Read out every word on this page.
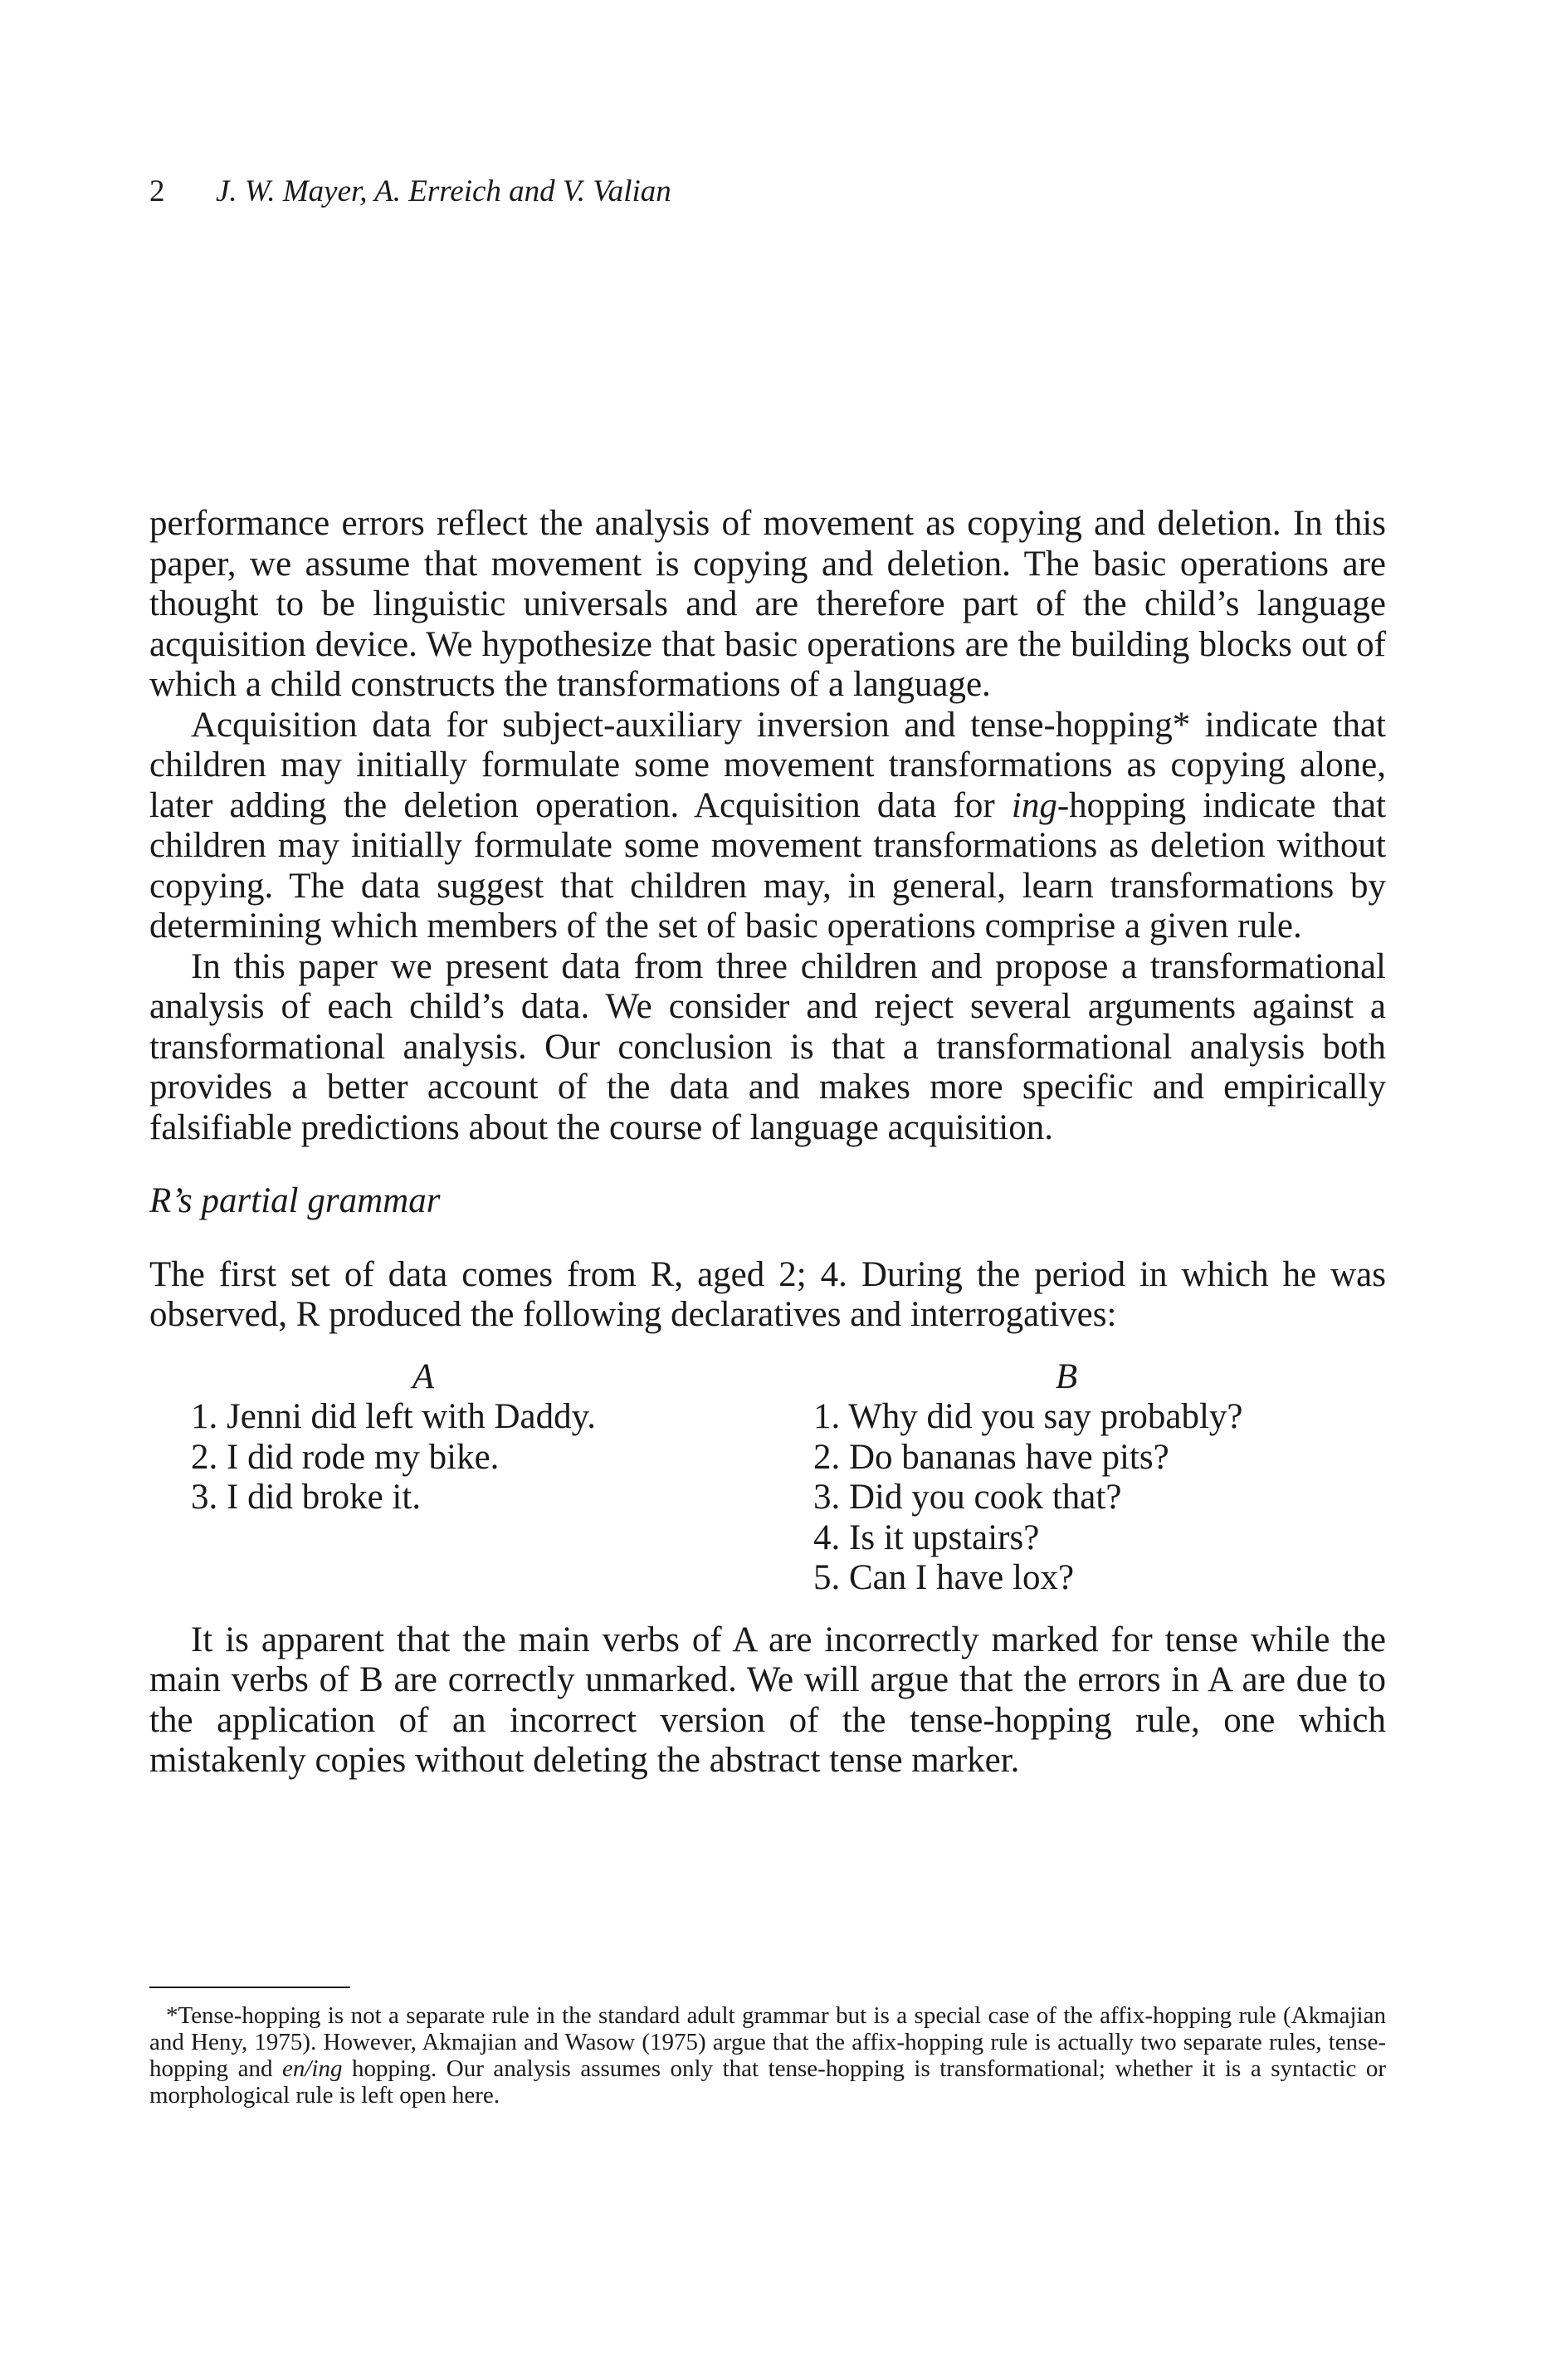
2 J. W. Mayer, A. Erreich and V. Valian

performance errors reflect the analysis of movement as copying and deletion. In this paper, we assume that movement is copying and deletion. The basic operations are thought to be linguistic universals and are therefore part of the child’s language acquisition device. We hypothesize that basic operations are the building blocks out of which a child constructs the transformations of a language.

Acquisition data for subject-auxiliary inversion and tense-hopping* indicate that children may initially formulate some movement transformations as copying alone, later adding the deletion operation. Acquisition data for ing-hopping indicate that children may initially formulate some movement transformations as deletion without copying. The data suggest that children may, in general, learn transformations by determining which members of the set of basic operations comprise a given rule.

In this paper we present data from three children and propose a transformational analysis of each child’s data. We consider and reject several arguments against a transformational analysis. Our conclusion is that a transformational analysis both provides a better account of the data and makes more specific and empirically falsifiable predictions about the course of language acquisition.

R’s partial grammar

The first set of data comes from R, aged 2; 4. During the period in which he was observed, R produced the following declaratives and interrogatives:

A
1. Jenni did left with Daddy.
2. I did rode my bike.
3. I did broke it.
B
1. Why did you say probably?
2. Do bananas have pits?
3. Did you cook that?
4. Is it upstairs?
5. Can I have lox?

It is apparent that the main verbs of A are incorrectly marked for tense while the main verbs of B are correctly unmarked. We will argue that the errors in A are due to the application of an incorrect version of the tense-hopping rule, one which mistakenly copies without deleting the abstract tense marker.

*Tense-hopping is not a separate rule in the standard adult grammar but is a special case of the affix-hopping rule (Akmajian and Heny, 1975). However, Akmajian and Wasow (1975) argue that the affix-hopping rule is actually two separate rules, tense-hopping and en/ing hopping. Our analysis assumes only that tense-hopping is transformational; whether it is a syntactic or morphological rule is left open here.
